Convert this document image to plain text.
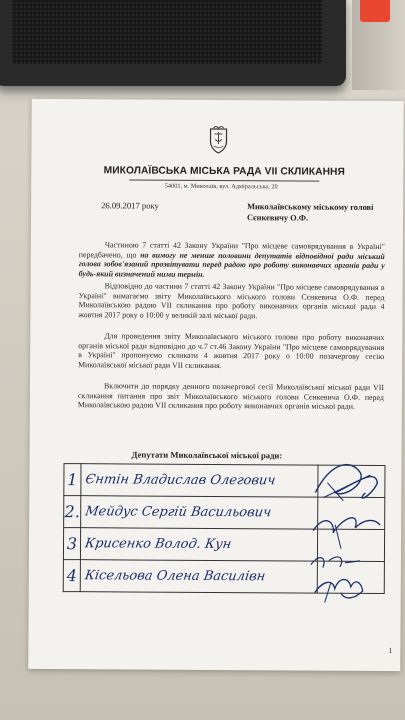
МИКОЛАЇВСЬКА МІСЬКА РАДА VII СКЛИКАННЯ
54001, м. Миколаїв, вул. Адміральська, 20
26.09.2017 року	Миколаївському міському голові
Сєнкевичу О.Ф.
Частиною 7 статті 42 Закону України "Про місцеве самоврядування в Україні" передбачено, що на вимогу не менше половини депутатів відповідної ради міський голова зобов'язаний прозвітувати перед радою про роботу виконавчих органів ради у будь-який визначений ними термін.
Відповідно до частини 7 статті 42 Закону України "Про місцеве самоврядування в Україні" вимагаємо звіту Миколаївського міського голови Сєнкевича О.Ф. перед Миколаївською радою VII скликання про роботу виконавчих органів міської ради 4 жовтня 2017 року о 10:00 у великій залі міської ради.
Для проведення звіту Миколаївського міського голови про роботу виконавчих органів міської ради відповідно до ч.7 ст.46 Закону України "Про місцеве самоврядування в Україні" пропонуємо скликати 4 жовтня 2017 року о 10:00 позачергову сесію Миколаївської міської ради VII скликання.
Включити до порядку денного позачергової сесії Миколаївської міської ради VII скликання питання про звіт Миколаївського міського голови Сєнкевича О.Ф. перед Миколаївською радою VII скликання про роботу виконавчих органів міської ради.
Депутати Миколаївської міської ради:
1	Єнтін Владислав Олегович	

2.	Мейдус Сергій Васильович	

3	Крисенко Волод. Кун	

4	Кісельова Олена Василівн	

1
